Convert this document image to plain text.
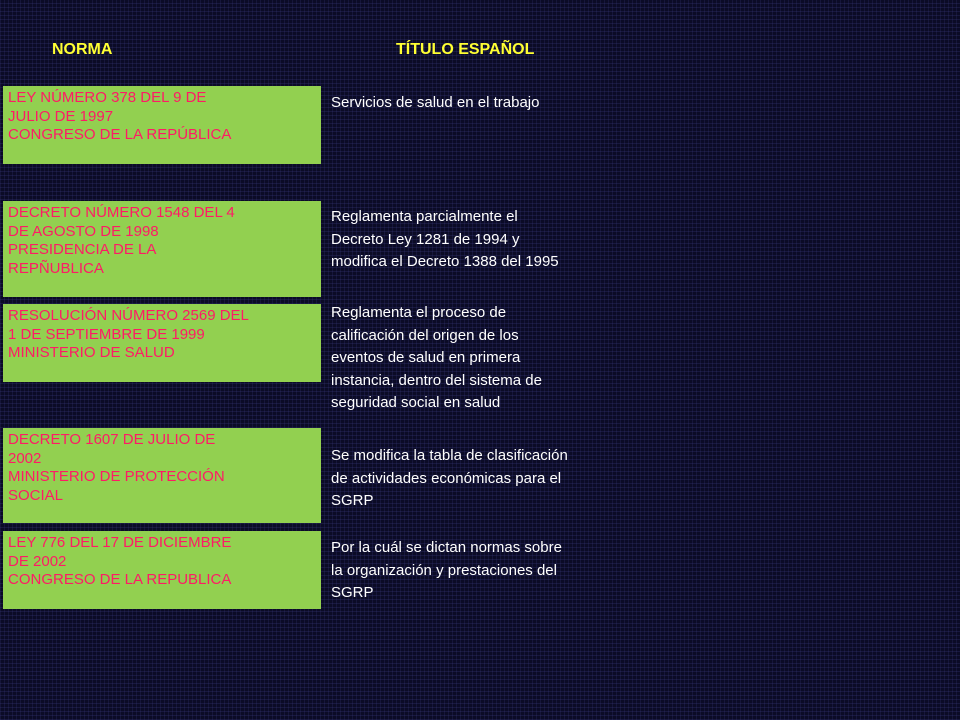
NORMA	TÍTULO ESPAÑOL
LEY NÚMERO 378 DEL 9 DE
JULIO DE 1997
CONGRESO DE LA REPÚBLICA
Servicios de salud en el trabajo
DECRETO NÚMERO 1548 DEL 4
DE AGOSTO DE 1998
PRESIDENCIA DE LA
REPÑUBLICA
Reglamenta parcialmente el
Decreto Ley 1281 de 1994 y
modifica el Decreto 1388 del 1995
RESOLUCIÓN NÚMERO 2569 DEL
1 DE SEPTIEMBRE DE 1999
MINISTERIO DE SALUD
Reglamenta el proceso de
calificación del origen de los
eventos de salud en primera
instancia, dentro del sistema de
seguridad social en salud
DECRETO 1607 DE JULIO DE
2002
MINISTERIO DE PROTECCIÓN
SOCIAL
Se modifica la tabla de clasificación
de actividades económicas para el
SGRP
LEY 776 DEL 17 DE DICIEMBRE
DE 2002
CONGRESO DE LA REPUBLICA
Por la cuál se dictan normas sobre
la organización y prestaciones del
SGRP
